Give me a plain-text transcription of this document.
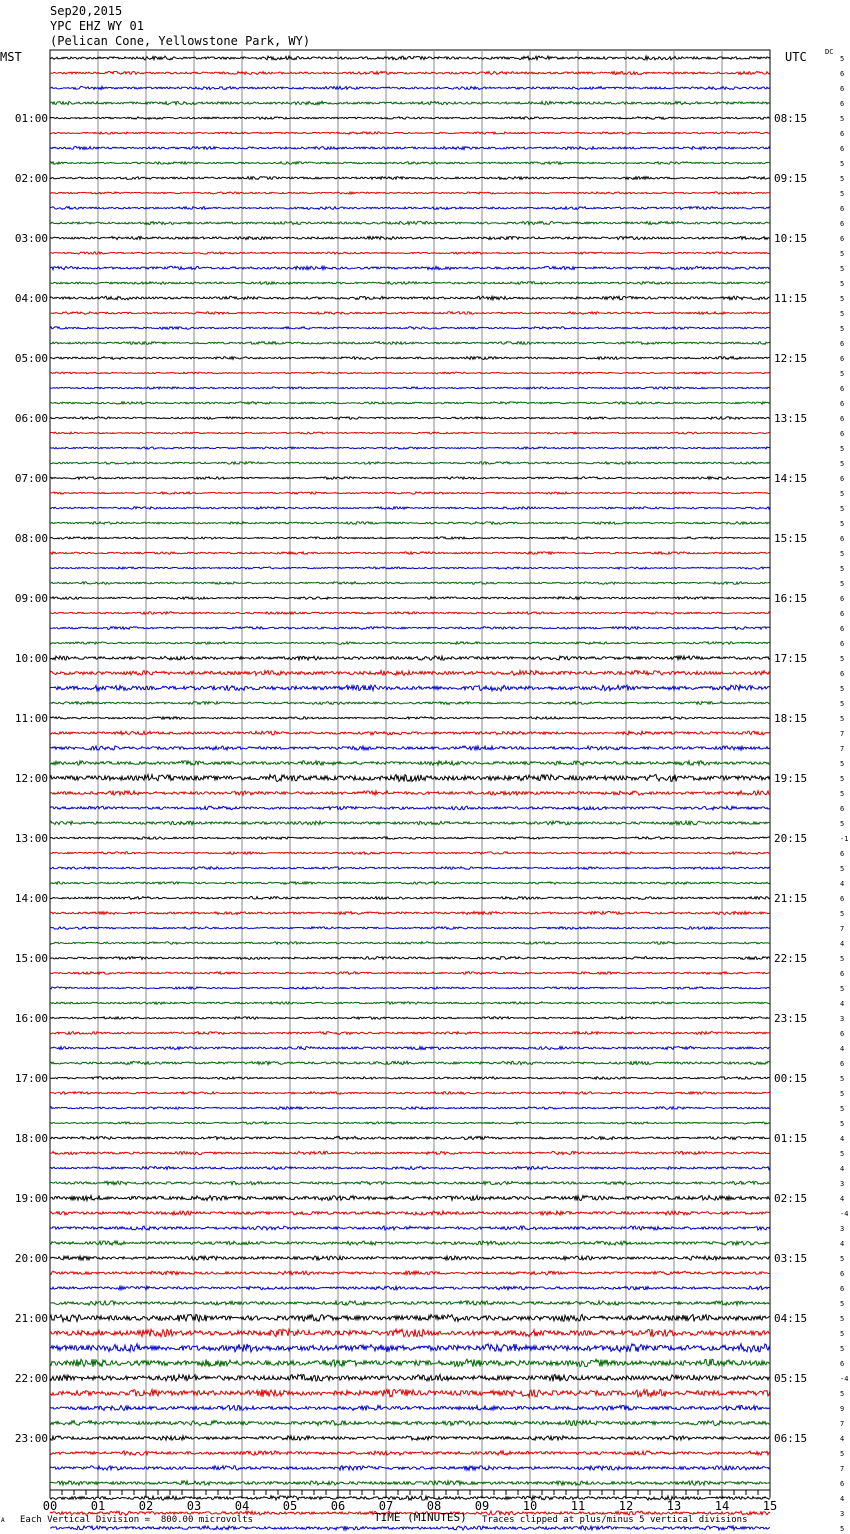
5
6
6
6
5
6
6
5
5
5
6
6
6
5
5
5
5
5
5
6
6
5
6
6
6
6
5
5
6
5
5
5
6
5
5
5
6
6
6
6
5
6
5
5
5
7
7
5
5
5
6
5
-1
6
5
4
6
5
7
4
5
6
5
4
3
6
4
6
5
5
5
5
4
5
4
3
4
-4
3
4
5
6
6
5
5
5
5
6
-4
5
9
7
4
5
7
6
4
3
5
01:00
02:00
03:00
04:00
05:00
06:00
07:00
08:00
09:00
10:00
11:00
12:00
13:00
14:00
15:00
16:00
17:00
18:00
19:00
20:00
21:00
22:00
23:00
08:15
09:15
10:15
11:15
12:15
13:15
14:15
15:15
16:15
17:15
18:15
19:15
20:15
21:15
22:15
23:15
00:15
01:15
02:15
03:15
04:15
05:15
06:15
00	01	02	03	04	05	06	07	08	09	10	11	12	13	14	15
Sep20,2015
YPC EHZ WY 01
(Pelican Cone, Yellowstone Park, WY)
MST	UTC	DC
A Each Vertical Division =  800.00 microvolts	TIME (MINUTES) Traces clipped at plus/minus 5 vertical divisions
